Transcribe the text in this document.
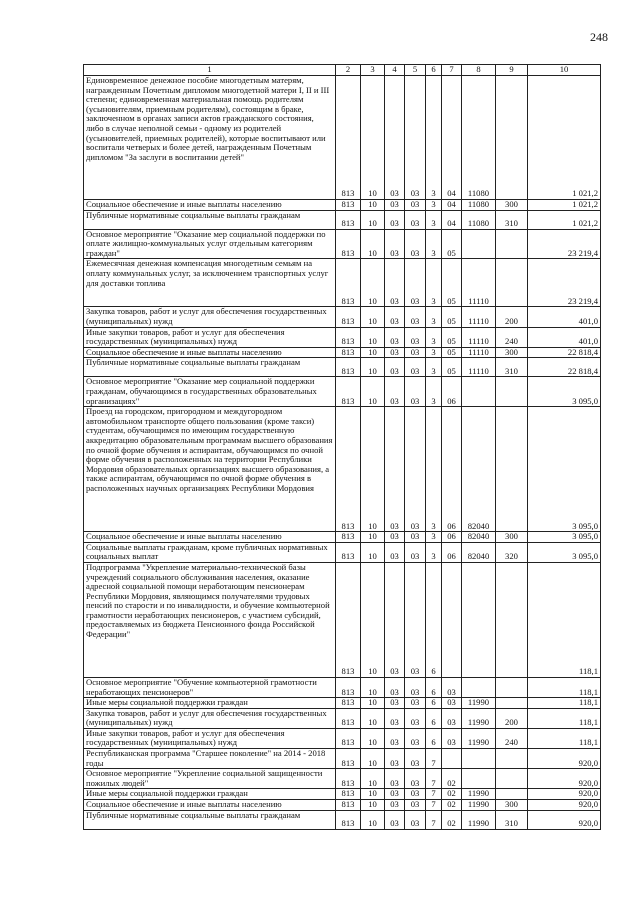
248
1	2	3	4	5	6	7	8	9	10
Единовременное денежное пособие многодетным матерям, награжденным Почетным дипломом многодетной матери I, II и III степени; единовременная материальная помощь родителям (усыновителям, приемным родителям), состоящим в браке, заключенном в органах записи актов гражданского состояния, либо в случае неполной семьи - одному из родителей (усыновителей, приемных родителей), которые воспитывают или воспитали четверых и более детей, награжденным Почетным дипломом "За заслуги в воспитании детей"	813	10	03	03	3	04	11080		1 021,2
Социальное обеспечение и иные выплаты населению	813	10	03	03	3	04	11080	300	1 021,2
Публичные нормативные социальные выплаты гражданам	813	10	03	03	3	04	11080	310	1 021,2
Основное мероприятие "Оказание мер социальной поддержки по оплате жилищно-коммунальных услуг отдельным категориям граждан"	813	10	03	03	3	05			23 219,4
Ежемесячная денежная компенсация многодетным семьям на оплату коммунальных услуг, за исключением транспортных услуг для доставки топлива	813	10	03	03	3	05	11110		23 219,4
Закупка товаров, работ и услуг для обеспечения государственных (муниципальных) нужд	813	10	03	03	3	05	11110	200	401,0
Иные закупки товаров, работ и услуг для обеспечения государственных (муниципальных) нужд	813	10	03	03	3	05	11110	240	401,0
Социальное обеспечение и иные выплаты населению	813	10	03	03	3	05	11110	300	22 818,4
Публичные нормативные социальные выплаты гражданам	813	10	03	03	3	05	11110	310	22 818,4
Основное мероприятие "Оказание мер социальной поддержки гражданам, обучающимся в государственных образовательных организациях"	813	10	03	03	3	06			3 095,0
Проезд на городском, пригородном и междугородном автомобильном транспорте общего пользования (кроме такси) студентам, обучающимся по имеющим государственную аккредитацию образовательным программам высшего образования по очной форме обучения и аспирантам, обучающимся по очной форме обучения в расположенных на территории Республики Мордовия образовательных организациях высшего образования, а также аспирантам, обучающимся по очной форме обучения в расположенных научных организациях Республики Мордовия	813	10	03	03	3	06	82040		3 095,0
Социальное обеспечение и иные выплаты населению	813	10	03	03	3	06	82040	300	3 095,0
Социальные выплаты гражданам, кроме публичных нормативных социальных выплат	813	10	03	03	3	06	82040	320	3 095,0
Подпрограмма "Укрепление материально-технической базы учреждений социального обслуживания населения, оказание адресной социальной помощи неработающим пенсионерам Республики Мордовия, являющимся получателями трудовых пенсий по старости и по инвалидности, и обучение компьютерной грамотности неработающих пенсионеров, с участием субсидий, предоставляемых из бюджета Пенсионного фонда Российской Федерации"	813	10	03	03	6				118,1
Основное мероприятие "Обучение компьютерной грамотности неработающих пенсионеров"	813	10	03	03	6	03			118,1
Иные меры социальной поддержки граждан	813	10	03	03	6	03	11990		118,1
Закупка товаров, работ и услуг для обеспечения государственных (муниципальных) нужд	813	10	03	03	6	03	11990	200	118,1
Иные закупки товаров, работ и услуг для обеспечения государственных (муниципальных) нужд	813	10	03	03	6	03	11990	240	118,1
Республиканская программа "Старшее поколение" на 2014 - 2018 годы	813	10	03	03	7				920,0
Основное мероприятие "Укрепление социальной защищенности пожилых людей"	813	10	03	03	7	02			920,0
Иные меры социальной поддержки граждан	813	10	03	03	7	02	11990		920,0
Социальное обеспечение и иные выплаты населению	813	10	03	03	7	02	11990	300	920,0
Публичные нормативные социальные выплаты гражданам	813	10	03	03	7	02	11990	310	920,0
